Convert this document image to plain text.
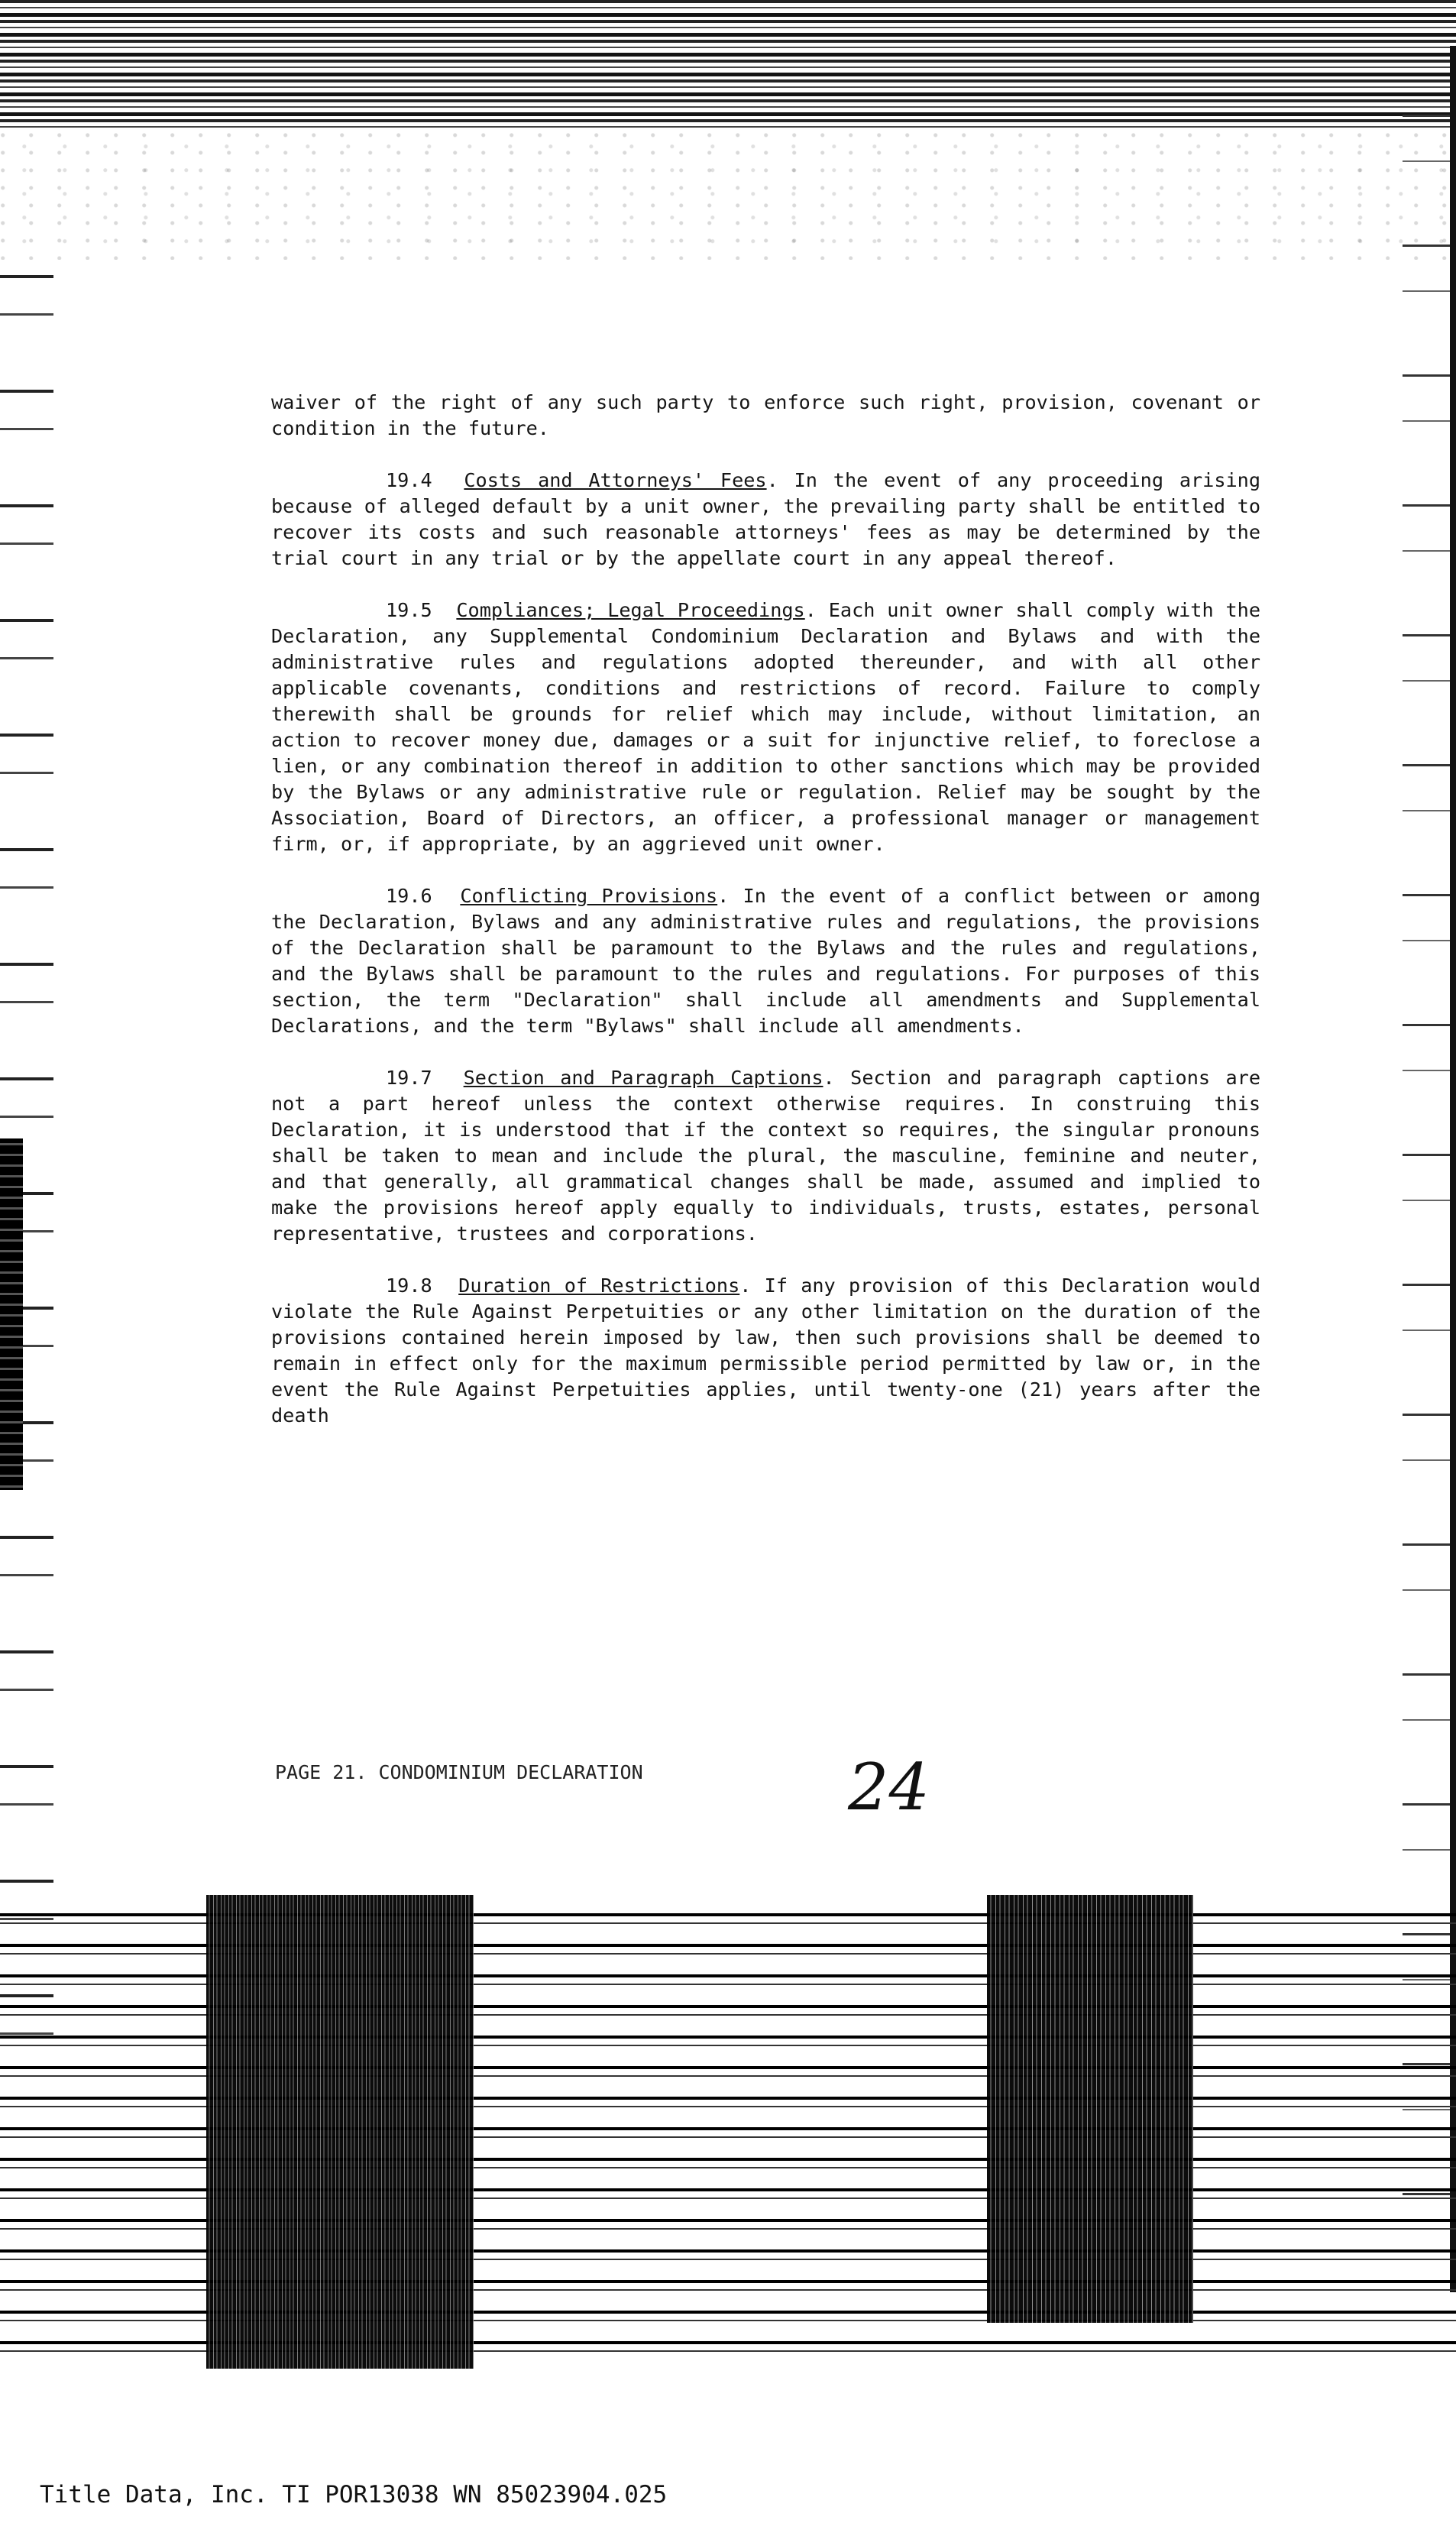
waiver of the right of any such party to enforce such right, provision, covenant or condition in the future.

19.4 Costs and Attorneys' Fees. In the event of any proceeding arising because of alleged default by a unit owner, the prevailing party shall be entitled to recover its costs and such reasonable attorneys' fees as may be determined by the trial court in any trial or by the appellate court in any appeal thereof.

19.5 Compliances; Legal Proceedings. Each unit owner shall comply with the Declaration, any Supplemental Condominium Declaration and Bylaws and with the administrative rules and regulations adopted thereunder, and with all other applicable covenants, conditions and restrictions of record. Failure to comply therewith shall be grounds for relief which may include, without limitation, an action to recover money due, damages or a suit for injunctive relief, to foreclose a lien, or any combination thereof in addition to other sanctions which may be provided by the Bylaws or any administrative rule or regulation. Relief may be sought by the Association, Board of Directors, an officer, a professional manager or management firm, or, if appropriate, by an aggrieved unit owner.

19.6 Conflicting Provisions. In the event of a conflict between or among the Declaration, Bylaws and any administrative rules and regulations, the provisions of the Declaration shall be paramount to the Bylaws and the rules and regulations, and the Bylaws shall be paramount to the rules and regulations. For purposes of this section, the term "Declaration" shall include all amendments and Supplemental Declarations, and the term "Bylaws" shall include all amendments.

19.7 Section and Paragraph Captions. Section and paragraph captions are not a part hereof unless the context otherwise requires. In construing this Declaration, it is understood that if the context so requires, the singular pronouns shall be taken to mean and include the plural, the masculine, feminine and neuter, and that generally, all grammatical changes shall be made, assumed and implied to make the provisions hereof apply equally to individuals, trusts, estates, personal representative, trustees and corporations.

19.8 Duration of Restrictions. If any provision of this Declaration would violate the Rule Against Perpetuities or any other limitation on the duration of the provisions contained herein imposed by law, then such provisions shall be deemed to remain in effect only for the maximum permissible period permitted by law or, in the event the Rule Against Perpetuities applies, until twenty-one (21) years after the death

PAGE 21. CONDOMINIUM DECLARATION	24
Title Data, Inc. TI POR13038 WN 85023904.025
